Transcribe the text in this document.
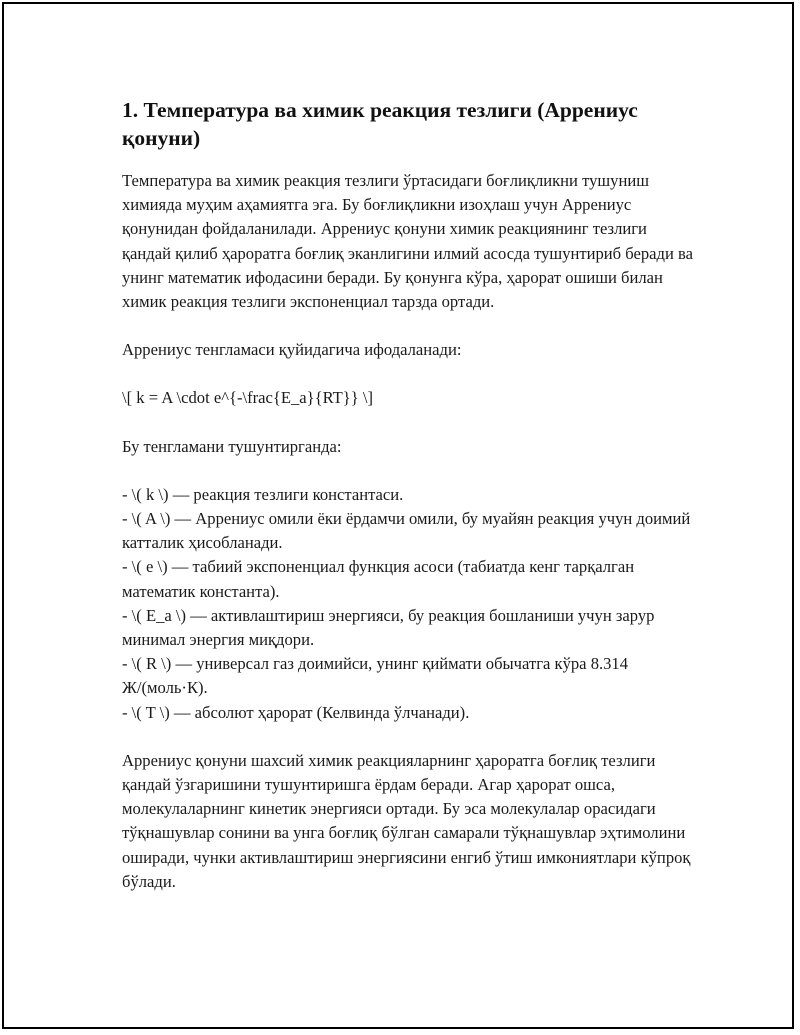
1. Температура ва химик реакция тезлиги (Аррениус қонуни)

Температура ва химик реакция тезлиги ўртасидаги боғлиқликни тушуниш химияда муҳим аҳамиятга эга. Бу боғлиқликни изоҳлаш учун Аррениус қонунидан фойдаланилади. Аррениус қонуни химик реакциянинг тезлиги қандай қилиб ҳароратга боғлиқ эканлигини илмий асосда тушунтириб беради ва унинг математик ифодасини беради. Бу қонунга кўра, ҳарорат ошиши билан химик реакция тезлиги экспоненциал тарзда ортади.

Аррениус тенгламаси қуйидагича ифодаланади:

\[ k = A \cdot e^{-\frac{E_a}{RT}} \]

Бу тенгламани тушунтирганда:

- \( k \) — реакция тезлиги константаси.
- \( A \) — Аррениус омили ёки ёрдамчи омили, бу муайян реакция учун доимий катталик ҳисобланади.
- \( e \) — табиий экспоненциал функция асоси (табиатда кенг тарқалган математик константа).
- \( E_a \) — активлаштириш энергияси, бу реакция бошланиши учун зарур минимал энергия миқдори.
- \( R \) — универсал газ доимийси, унинг қиймати обычатга кўра 8.314 Ж/(моль·К).
- \( T \) — абсолют ҳарорат (Келвинда ўлчанади).

Аррениус қонуни шахсий химик реакцияларнинг ҳароратга боғлиқ тезлиги қандай ўзгаришини тушунтиришга ёрдам беради. Агар ҳарорат ошса, молекулаларнинг кинетик энергияси ортади. Бу эса молекулалар орасидаги тўқнашувлар сонини ва унга боғлиқ бўлган самарали тўқнашувлар эҳтимолини оширади, чунки активлаштириш энергиясини енгиб ўтиш имкониятлари кўпроқ бўлади.
